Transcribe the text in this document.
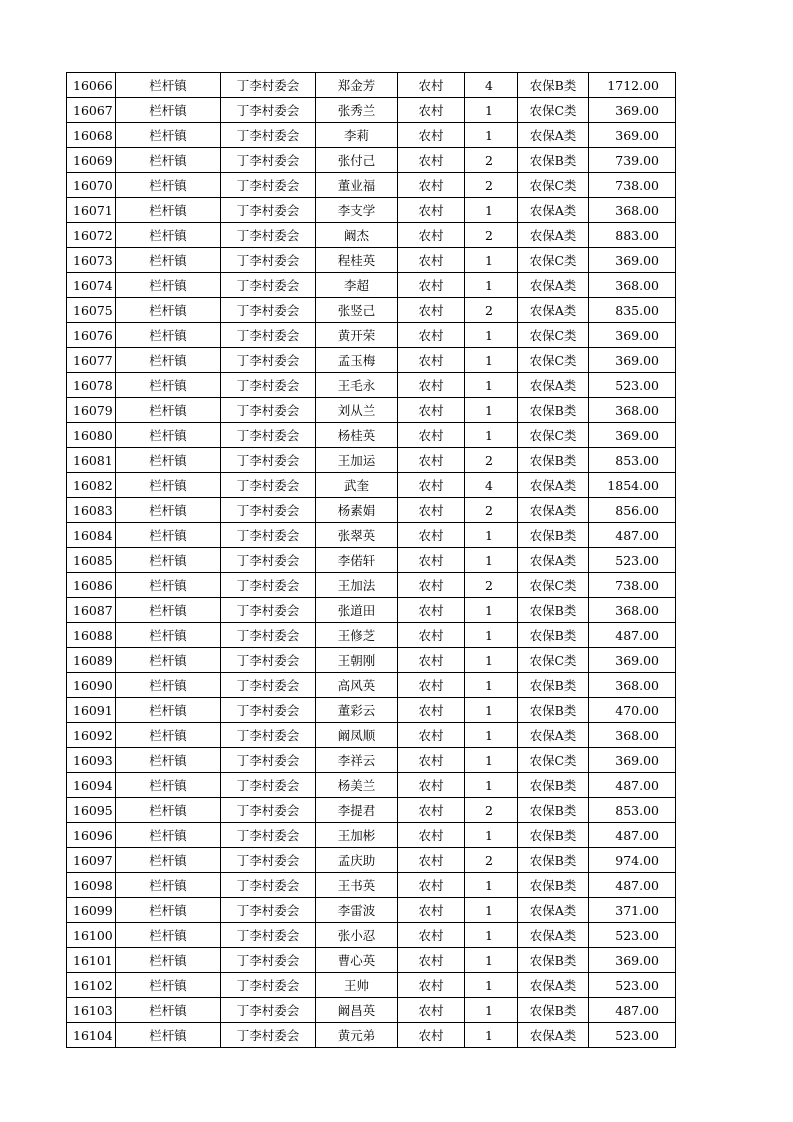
16066	栏杆镇	丁李村委会	郑金芳	农村	4	农保B类	1712.00
16067	栏杆镇	丁李村委会	张秀兰	农村	1	农保C类	369.00
16068	栏杆镇	丁李村委会	李莉	农村	1	农保A类	369.00
16069	栏杆镇	丁李村委会	张付己	农村	2	农保B类	739.00
16070	栏杆镇	丁李村委会	董业福	农村	2	农保C类	738.00
16071	栏杆镇	丁李村委会	李支学	农村	1	农保A类	368.00
16072	栏杆镇	丁李村委会	阚杰	农村	2	农保A类	883.00
16073	栏杆镇	丁李村委会	程桂英	农村	1	农保C类	369.00
16074	栏杆镇	丁李村委会	李超	农村	1	农保A类	368.00
16075	栏杆镇	丁李村委会	张竖己	农村	2	农保A类	835.00
16076	栏杆镇	丁李村委会	黄开荣	农村	1	农保C类	369.00
16077	栏杆镇	丁李村委会	孟玉梅	农村	1	农保C类	369.00
16078	栏杆镇	丁李村委会	王毛永	农村	1	农保A类	523.00
16079	栏杆镇	丁李村委会	刘从兰	农村	1	农保B类	368.00
16080	栏杆镇	丁李村委会	杨桂英	农村	1	农保C类	369.00
16081	栏杆镇	丁李村委会	王加运	农村	2	农保B类	853.00
16082	栏杆镇	丁李村委会	武奎	农村	4	农保A类	1854.00
16083	栏杆镇	丁李村委会	杨素娟	农村	2	农保A类	856.00
16084	栏杆镇	丁李村委会	张翠英	农村	1	农保B类	487.00
16085	栏杆镇	丁李村委会	李偌轩	农村	1	农保A类	523.00
16086	栏杆镇	丁李村委会	王加法	农村	2	农保C类	738.00
16087	栏杆镇	丁李村委会	张道田	农村	1	农保B类	368.00
16088	栏杆镇	丁李村委会	王修芝	农村	1	农保B类	487.00
16089	栏杆镇	丁李村委会	王朝刚	农村	1	农保C类	369.00
16090	栏杆镇	丁李村委会	高风英	农村	1	农保B类	368.00
16091	栏杆镇	丁李村委会	董彩云	农村	1	农保B类	470.00
16092	栏杆镇	丁李村委会	阚凤顺	农村	1	农保A类	368.00
16093	栏杆镇	丁李村委会	李祥云	农村	1	农保C类	369.00
16094	栏杆镇	丁李村委会	杨美兰	农村	1	农保B类	487.00
16095	栏杆镇	丁李村委会	李提君	农村	2	农保B类	853.00
16096	栏杆镇	丁李村委会	王加彬	农村	1	农保B类	487.00
16097	栏杆镇	丁李村委会	孟庆助	农村	2	农保B类	974.00
16098	栏杆镇	丁李村委会	王书英	农村	1	农保B类	487.00
16099	栏杆镇	丁李村委会	李雷波	农村	1	农保A类	371.00
16100	栏杆镇	丁李村委会	张小忍	农村	1	农保A类	523.00
16101	栏杆镇	丁李村委会	曹心英	农村	1	农保B类	369.00
16102	栏杆镇	丁李村委会	王帅	农村	1	农保A类	523.00
16103	栏杆镇	丁李村委会	阚昌英	农村	1	农保B类	487.00
16104	栏杆镇	丁李村委会	黄元弟	农村	1	农保A类	523.00
